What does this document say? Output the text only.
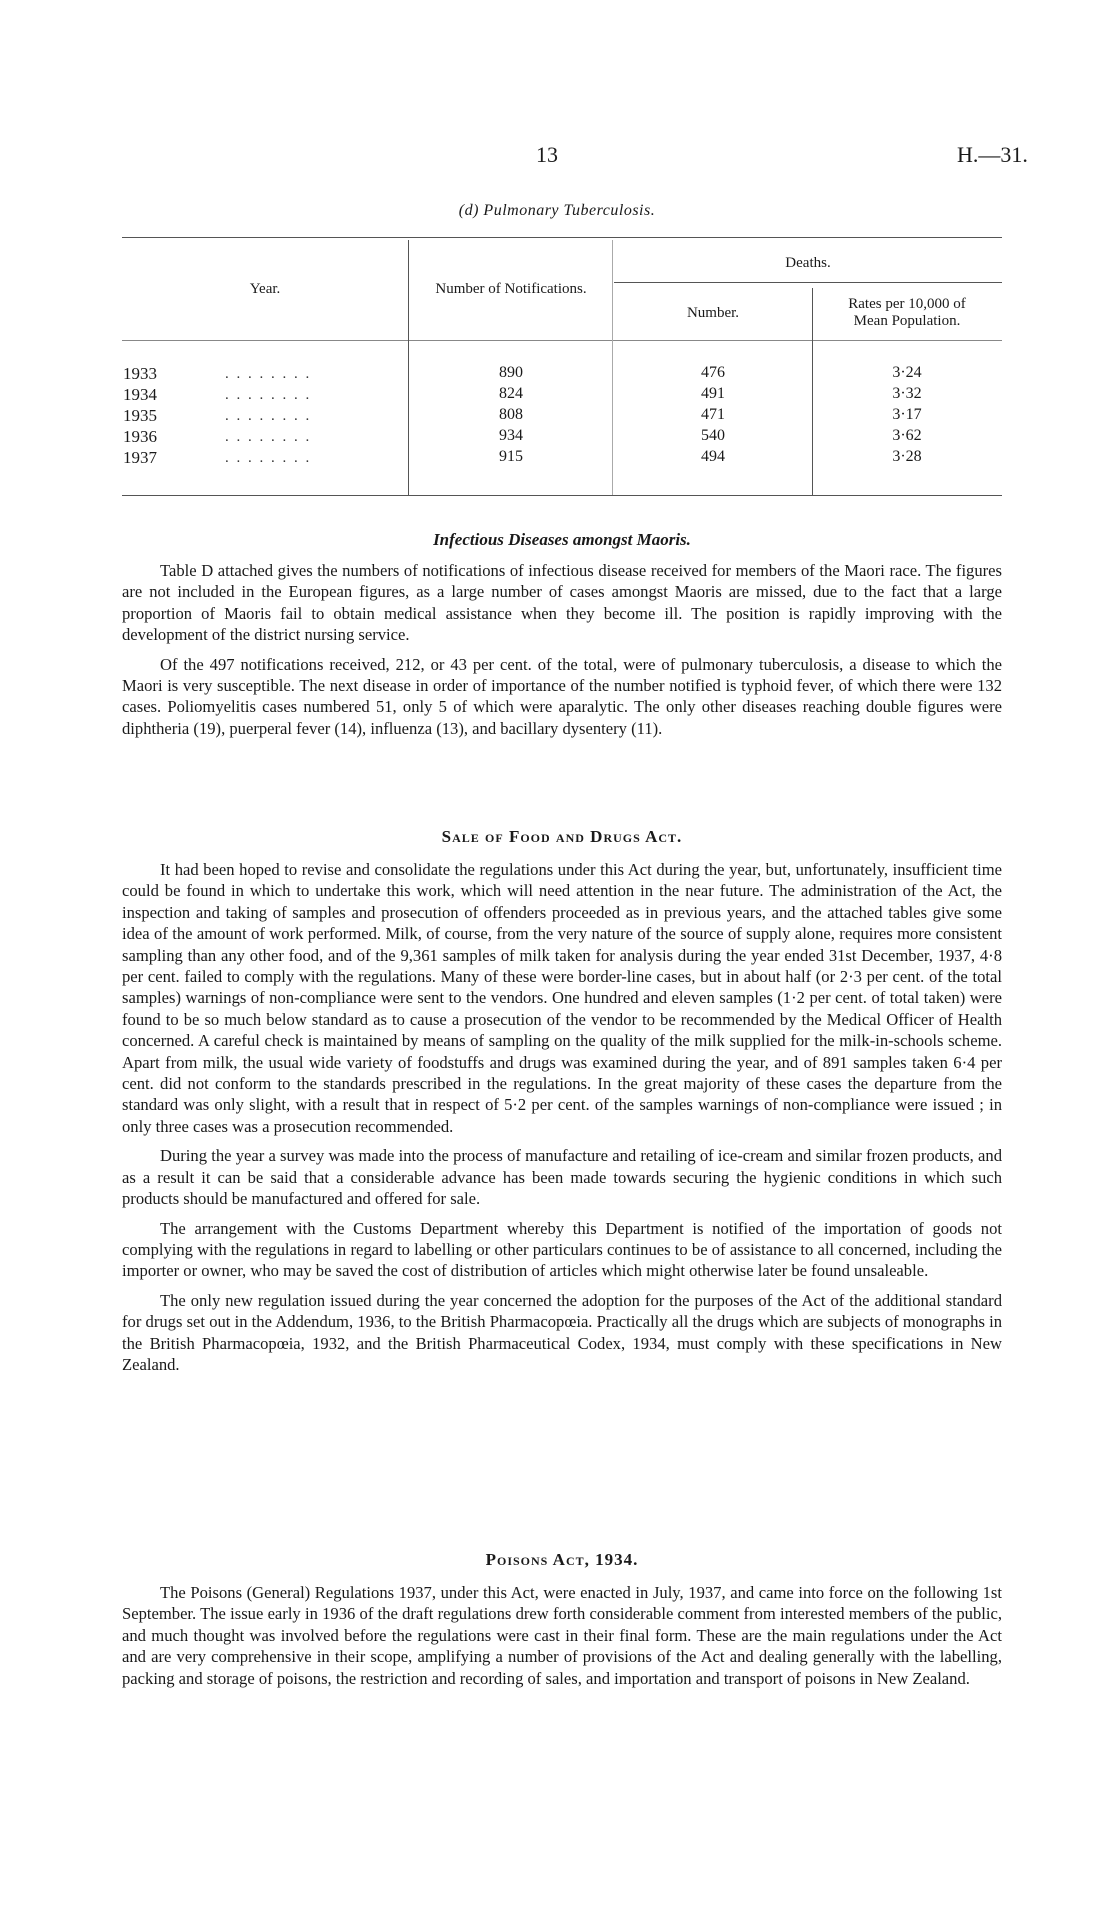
13	H.—31.
(d) Pulmonary Tuberculosis.
Year.	Number of Notifications.
Deaths.
Number.
Rates per 10,000 of
Mean Population.
1933	. . . . . . . .	890	476	3·24
1934	. . . . . . . .	824	491	3·32
1935	. . . . . . . .	808	471	3·17
1936	. . . . . . . .	934	540	3·62
1937	. . . . . . . .	915	494	3·28
Infectious Diseases amongst Maoris.

Table D attached gives the numbers of notifications of infectious disease received for members of the Maori race. The figures are not included in the European figures, as a large number of cases amongst Maoris are missed, due to the fact that a large proportion of Maoris fail to obtain medical assistance when they become ill. The position is rapidly improving with the development of the district nursing service.

Of the 497 notifications received, 212, or 43 per cent. of the total, were of pulmonary tuberculosis, a disease to which the Maori is very susceptible. The next disease in order of importance of the number notified is typhoid fever, of which there were 132 cases. Poliomyelitis cases numbered 51, only 5 of which were aparalytic. The only other diseases reaching double figures were diphtheria (19), puerperal fever (14), influenza (13), and bacillary dysentery (11).

Sale of Food and Drugs Act.

It had been hoped to revise and consolidate the regulations under this Act during the year, but, unfortunately, insufficient time could be found in which to undertake this work, which will need attention in the near future. The administration of the Act, the inspection and taking of samples and prosecution of offenders proceeded as in previous years, and the attached tables give some idea of the amount of work performed. Milk, of course, from the very nature of the source of supply alone, requires more consistent sampling than any other food, and of the 9,361 samples of milk taken for analysis during the year ended 31st December, 1937, 4·8 per cent. failed to comply with the regulations. Many of these were border-line cases, but in about half (or 2·3 per cent. of the total samples) warnings of non-compliance were sent to the vendors. One hundred and eleven samples (1·2 per cent. of total taken) were found to be so much below standard as to cause a prosecution of the vendor to be recommended by the Medical Officer of Health concerned. A careful check is maintained by means of sampling on the quality of the milk supplied for the milk-in-schools scheme. Apart from milk, the usual wide variety of foodstuffs and drugs was examined during the year, and of 891 samples taken 6·4 per cent. did not conform to the standards prescribed in the regulations. In the great majority of these cases the departure from the standard was only slight, with a result that in respect of 5·2 per cent. of the samples warnings of non-compliance were issued ; in only three cases was a prosecution recommended.

During the year a survey was made into the process of manufacture and retailing of ice-cream and similar frozen products, and as a result it can be said that a considerable advance has been made towards securing the hygienic conditions in which such products should be manufactured and offered for sale.

The arrangement with the Customs Department whereby this Department is notified of the importation of goods not complying with the regulations in regard to labelling or other particulars continues to be of assistance to all concerned, including the importer or owner, who may be saved the cost of distribution of articles which might otherwise later be found unsaleable.

The only new regulation issued during the year concerned the adoption for the purposes of the Act of the additional standard for drugs set out in the Addendum, 1936, to the British Pharmacopœia. Practically all the drugs which are subjects of monographs in the British Pharmacopœia, 1932, and the British Pharmaceutical Codex, 1934, must comply with these specifications in New Zealand.

Poisons Act, 1934.

The Poisons (General) Regulations 1937, under this Act, were enacted in July, 1937, and came into force on the following 1st September. The issue early in 1936 of the draft regulations drew forth considerable comment from interested members of the public, and much thought was involved before the regulations were cast in their final form. These are the main regulations under the Act and are very comprehensive in their scope, amplifying a number of provisions of the Act and dealing generally with the labelling, packing and storage of poisons, the restriction and recording of sales, and importation and transport of poisons in New Zealand.
